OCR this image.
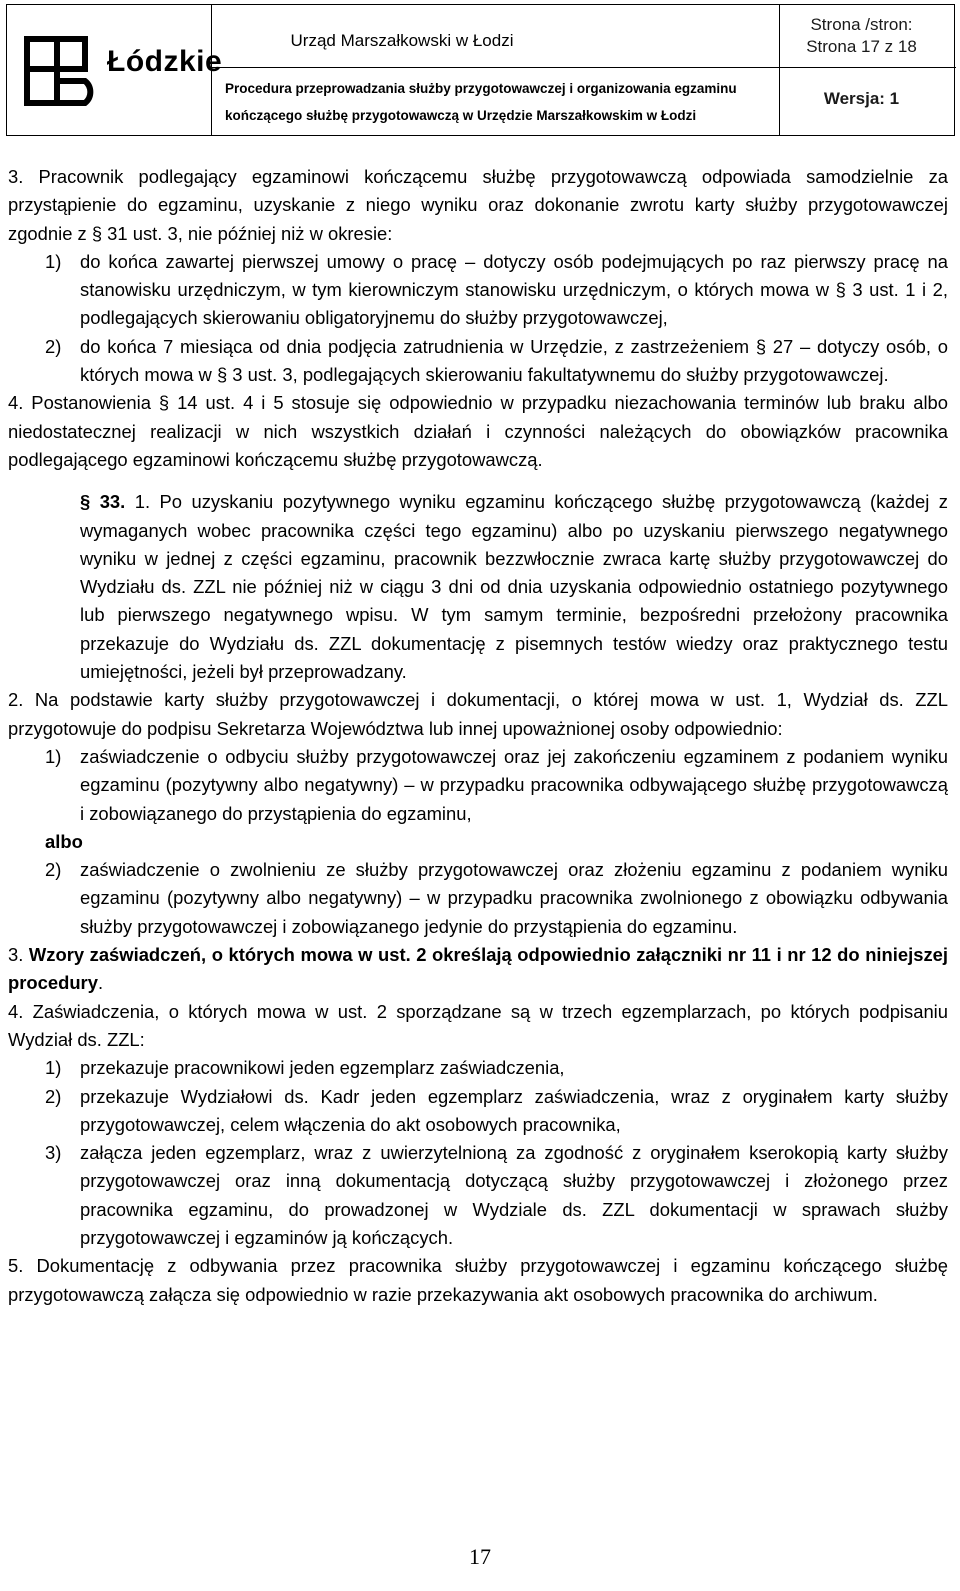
Łódzkie
Urząd Marszałkowski w Łodzi
Procedura przeprowadzania służby przygotowawczej i organizowania egzaminu
kończącego służbę przygotowawczą w Urzędzie Marszałkowskim w Łodzi
Strona /stron:
Strona 17 z 18
Wersja: 1

3. Pracownik podlegający egzaminowi kończącemu służbę przygotowawczą odpowiada samodzielnie za przystąpienie do egzaminu, uzyskanie z niego wyniku oraz dokonanie zwrotu karty służby przygotowawczej zgodnie z § 31 ust. 3, nie później niż w okresie:

1) do końca zawartej pierwszej umowy o pracę – dotyczy osób podejmujących po raz pierwszy pracę na stanowisku urzędniczym, w tym kierowniczym stanowisku urzędniczym, o których mowa w § 3 ust. 1 i 2, podlegających skierowaniu obligatoryjnemu do służby przygotowawczej,
2) do końca 7 miesiąca od dnia podjęcia zatrudnienia w Urzędzie, z zastrzeżeniem § 27 – dotyczy osób, o których mowa w § 3 ust. 3, podlegających skierowaniu fakultatywnemu do służby przygotowawczej.

4. Postanowienia § 14 ust. 4 i 5 stosuje się odpowiednio w przypadku niezachowania terminów lub braku albo niedostatecznej realizacji w nich wszystkich działań i czynności należących do obowiązków pracownika podlegającego egzaminowi kończącemu służbę przygotowawczą.

§ 33. 1. Po uzyskaniu pozytywnego wyniku egzaminu kończącego służbę przygotowawczą (każdej z wymaganych wobec pracownika części tego egzaminu) albo po uzyskaniu pierwszego negatywnego wyniku w jednej z części egzaminu, pracownik bezzwłocznie zwraca kartę służby przygotowawczej do Wydziału ds. ZZL nie później niż w ciągu 3 dni od dnia uzyskania odpowiednio ostatniego pozytywnego lub pierwszego negatywnego wpisu. W tym samym terminie, bezpośredni przełożony pracownika przekazuje do Wydziału ds. ZZL dokumentację z pisemnych testów wiedzy oraz praktycznego testu umiejętności, jeżeli był przeprowadzany.

2. Na podstawie karty służby przygotowawczej i dokumentacji, o której mowa w ust. 1, Wydział ds. ZZL przygotowuje do podpisu Sekretarza Województwa lub innej upoważnionej osoby odpowiednio:

1) zaświadczenie o odbyciu służby przygotowawczej oraz jej zakończeniu egzaminem z podaniem wyniku egzaminu (pozytywny albo negatywny) – w przypadku pracownika odbywającego służbę przygotowawczą i zobowiązanego do przystąpienia do egzaminu,

albo

2) zaświadczenie o zwolnieniu ze służby przygotowawczej oraz złożeniu egzaminu z podaniem wyniku egzaminu (pozytywny albo negatywny) – w przypadku pracownika zwolnionego z obowiązku odbywania służby przygotowawczej i zobowiązanego jedynie do przystąpienia do egzaminu.

3. Wzory zaświadczeń, o których mowa w ust. 2 określają odpowiednio załączniki nr 11 i nr 12 do niniejszej procedury.

4. Zaświadczenia, o których mowa w ust. 2 sporządzane są w trzech egzemplarzach, po których podpisaniu Wydział ds. ZZL:

1) przekazuje pracownikowi jeden egzemplarz zaświadczenia,
2) przekazuje Wydziałowi ds. Kadr jeden egzemplarz zaświadczenia, wraz z oryginałem karty służby przygotowawczej, celem włączenia do akt osobowych pracownika,
3) załącza jeden egzemplarz, wraz z uwierzytelnioną za zgodność z oryginałem kserokopią karty służby przygotowawczej oraz inną dokumentacją dotyczącą służby przygotowawczej i złożonego przez pracownika egzaminu, do prowadzonej w Wydziale ds. ZZL dokumentacji w sprawach służby przygotowawczej i egzaminów ją kończących.

5. Dokumentację z odbywania przez pracownika służby przygotowawczej i egzaminu kończącego służbę przygotowawczą załącza się odpowiednio w razie przekazywania akt osobowych pracownika do archiwum.

17
